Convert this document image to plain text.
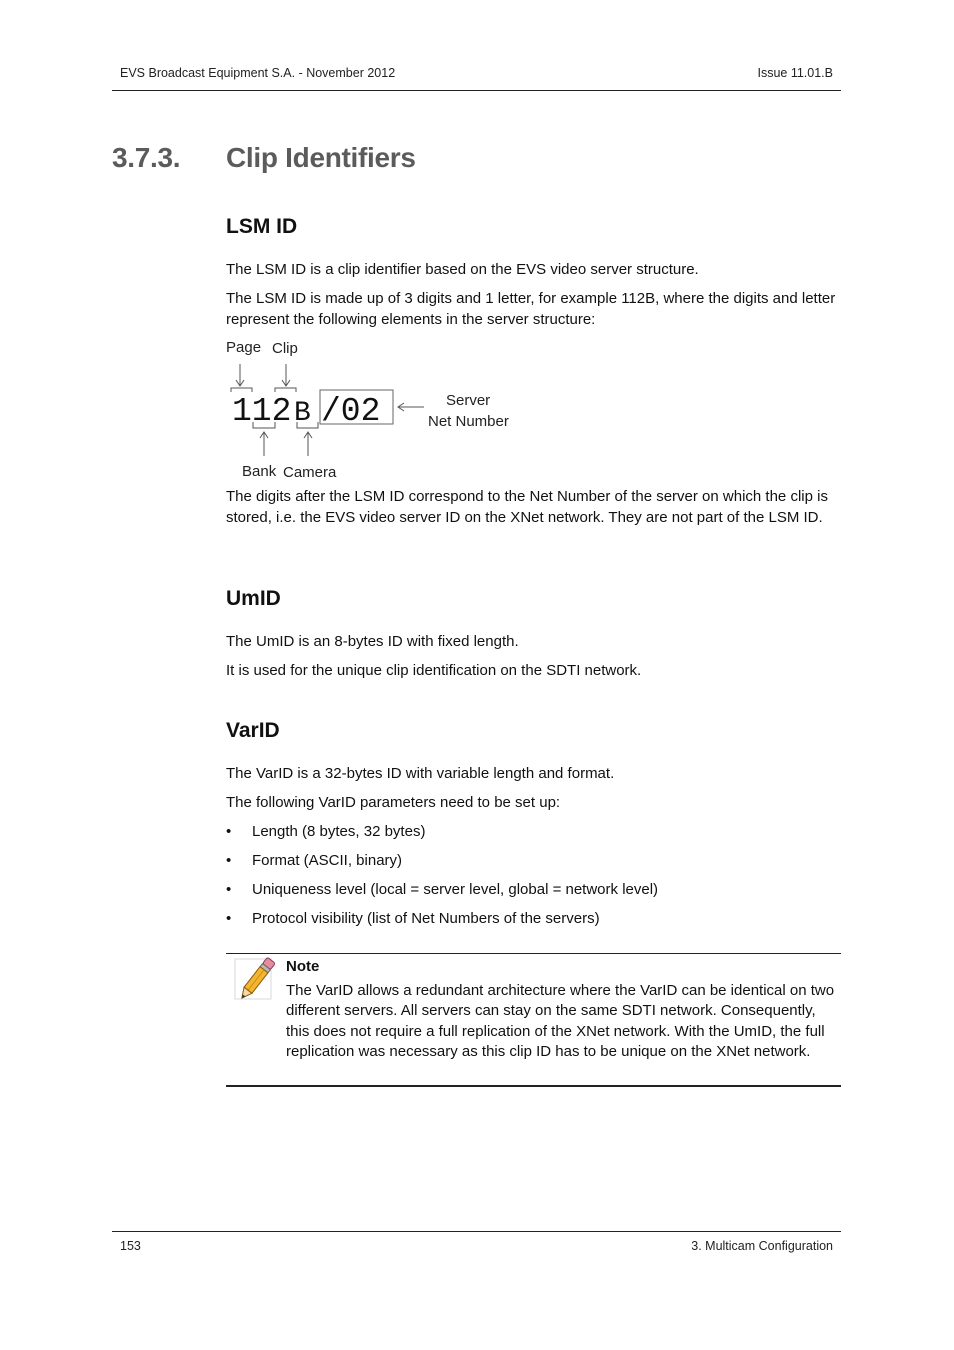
EVS Broadcast Equipment S.A. - November 2012	Issue 11.01.B
3.7.3. Clip Identifiers
LSM ID
The LSM ID is a clip identifier based on the EVS video server structure.
The LSM ID is made up of 3 digits and 1 letter, for example 112B, where the digits and letter represent the following elements in the server structure:
Page Clip
112 B /02	Server
Net Number
Bank Camera
The digits after the LSM ID correspond to the Net Number of the server on which the clip is stored, i.e. the EVS video server ID on the XNet network. They are not part of the LSM ID.
UmID
The UmID is an 8-bytes ID with fixed length.
It is used for the unique clip identification on the SDTI network.
VarID
The VarID is a 32-bytes ID with variable length and format.
The following VarID parameters need to be set up:
• Length (8 bytes, 32 bytes)
• Format (ASCII, binary)
• Uniqueness level (local = server level, global = network level)
• Protocol visibility (list of Net Numbers of the servers)
Note
The VarID allows a redundant architecture where the VarID can be identical on two different servers. All servers can stay on the same SDTI network. Consequently, this does not require a full replication of the XNet network. With the UmID, the full replication was necessary as this clip ID has to be unique on the XNet network.
153	3. Multicam Configuration
